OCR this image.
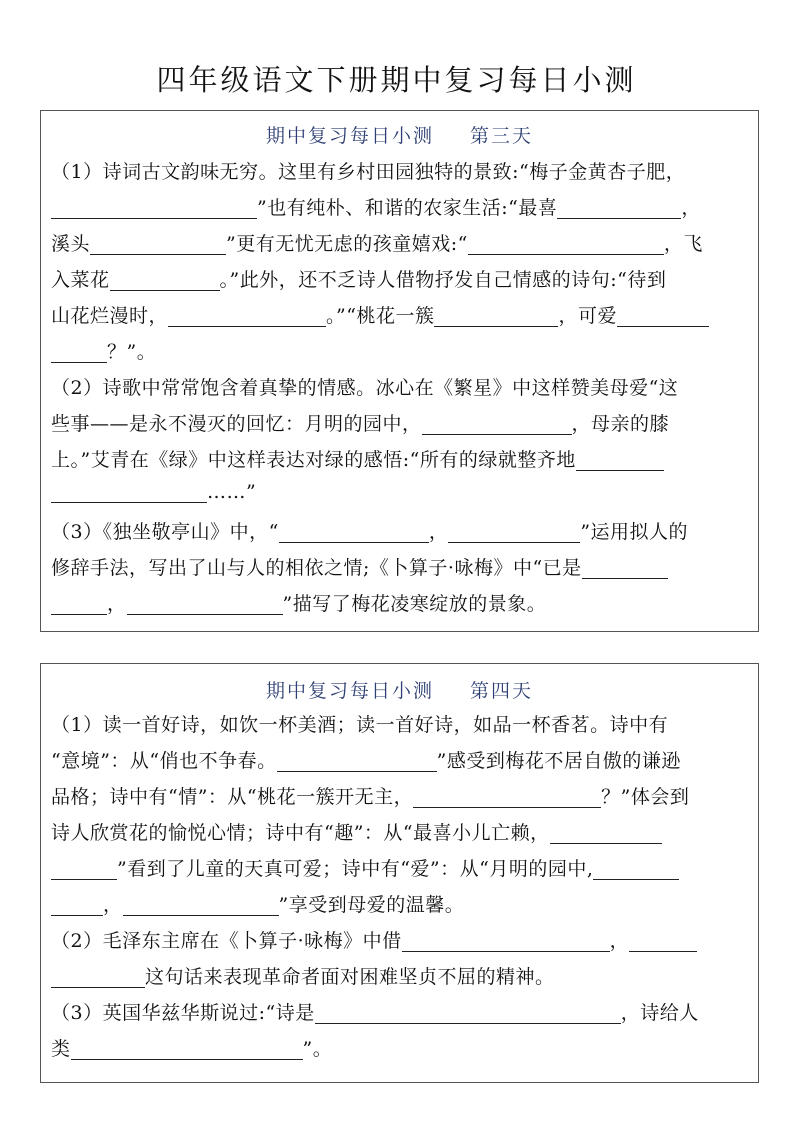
四年级语文下册期中复习每日小测
期中复习每日小测 第三天
（1）诗词古文韵味无穷。这里有乡村田园独特的景致:“梅子金黄杏子肥，
”也有纯朴、和谐的农家生活:“最喜	，
溪头	”更有无忧无虑的孩童嬉戏:“	，飞
入菜花	。”此外，还不乏诗人借物抒发自己情感的诗句:“待到
山花烂漫时，	。”“桃花一簇	，可爱
？”。
（2）诗歌中常常饱含着真挚的情感。冰心在《繁星》中这样赞美母爱“这
些事——是永不漫灭的回忆：月明的园中，	，母亲的膝
上。”艾青在《绿》中这样表达对绿的感悟:“所有的绿就整齐地
……”
（3）《独坐敬亭山》中，“	，	”运用拟人的
修辞手法，写出了山与人的相依之情;《卜算子·咏梅》中“已是
，	”描写了梅花凌寒绽放的景象。
期中复习每日小测 第四天
（1）读一首好诗，如饮一杯美酒；读一首好诗，如品一杯香茗。诗中有
“意境”：从“俏也不争春。	”感受到梅花不居自傲的谦逊
品格；诗中有“情”：从“桃花一簇开无主，	？”体会到
诗人欣赏花的愉悦心情；诗中有“趣”：从“最喜小儿亡赖，
”看到了儿童的天真可爱；诗中有“爱”：从“月明的园中,
，	”享受到母爱的温馨。
（2）毛泽东主席在《卜算子·咏梅》中借	，
这句话来表现革命者面对困难坚贞不屈的精神。
（3）英国华兹华斯说过:“诗是	，诗给人
类	”。
